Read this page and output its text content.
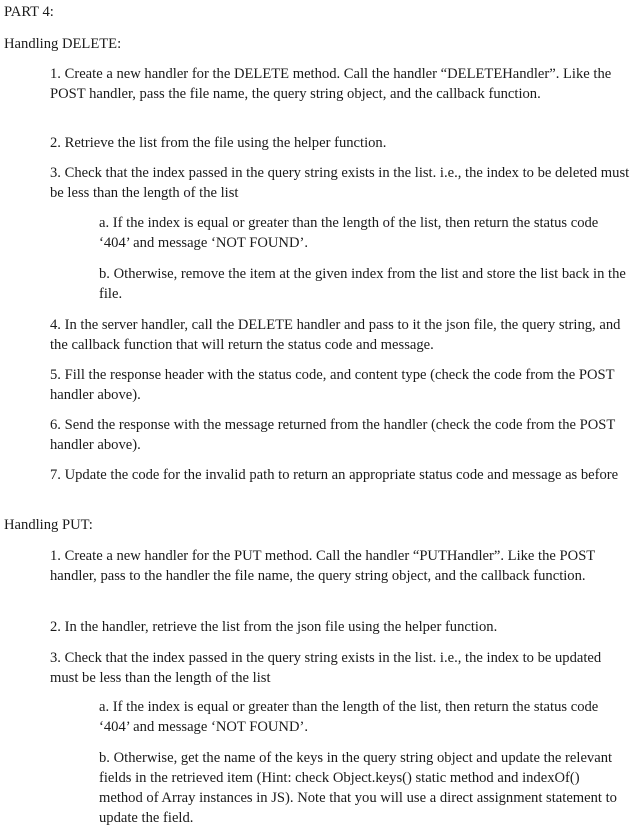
PART 4:

Handling DELETE:

1. Create a new handler for the DELETE method. Call the handler “DELETEHandler”. Like the POST handler, pass the file name, the query string object, and the callback function.

2. Retrieve the list from the file using the helper function.

3. Check that the index passed in the query string exists in the list. i.e., the index to be deleted must be less than the length of the list

a. If the index is equal or greater than the length of the list, then return the status code ‘404’ and message ‘NOT FOUND’.

b. Otherwise, remove the item at the given index from the list and store the list back in the file.

4. In the server handler, call the DELETE handler and pass to it the json file, the query string, and the callback function that will return the status code and message.

5. Fill the response header with the status code, and content type (check the code from the POST handler above).

6. Send the response with the message returned from the handler (check the code from the POST handler above).

7. Update the code for the invalid path to return an appropriate status code and message as before

Handling PUT:

1. Create a new handler for the PUT method. Call the handler “PUTHandler”. Like the POST handler, pass to the handler the file name, the query string object, and the callback function.

2. In the handler, retrieve the list from the json file using the helper function.

3. Check that the index passed in the query string exists in the list. i.e., the index to be updated must be less than the length of the list

a. If the index is equal or greater than the length of the list, then return the status code ‘404’ and message ‘NOT FOUND’.

b. Otherwise, get the name of the keys in the query string object and update the relevant fields in the retrieved item (Hint: check Object.keys() static method and indexOf() method of Array instances in JS). Note that you will use a direct assignment statement to update the field.
